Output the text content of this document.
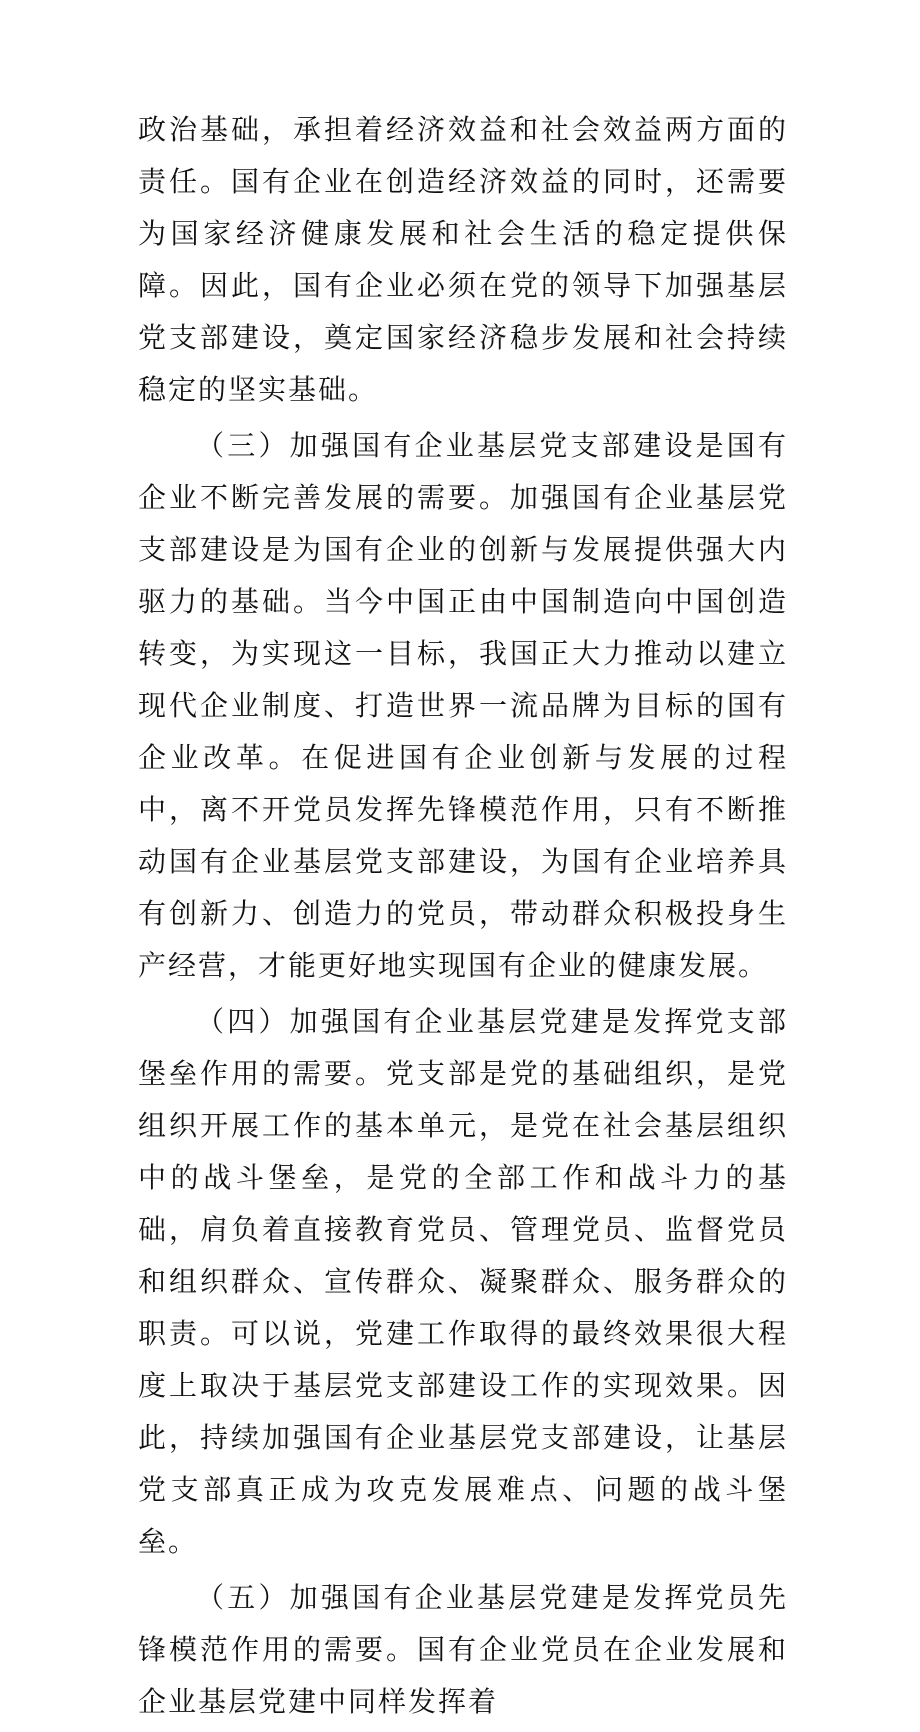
政治基础，承担着经济效益和社会效益两方面的责任。国有企业在创造经济效益的同时，还需要为国家经济健康发展和社会生活的稳定提供保障。因此，国有企业必须在党的领导下加强基层党支部建设，奠定国家经济稳步发展和社会持续稳定的坚实基础。

（三）加强国有企业基层党支部建设是国有企业不断完善发展的需要。加强国有企业基层党支部建设是为国有企业的创新与发展提供强大内驱力的基础。当今中国正由中国制造向中国创造转变，为实现这一目标，我国正大力推动以建立现代企业制度、打造世界一流品牌为目标的国有企业改革。在促进国有企业创新与发展的过程中，离不开党员发挥先锋模范作用，只有不断推动国有企业基层党支部建设，为国有企业培养具有创新力、创造力的党员，带动群众积极投身生产经营，才能更好地实现国有企业的健康发展。

（四）加强国有企业基层党建是发挥党支部堡垒作用的需要。党支部是党的基础组织，是党组织开展工作的基本单元，是党在社会基层组织中的战斗堡垒，是党的全部工作和战斗力的基础，肩负着直接教育党员、管理党员、监督党员和组织群众、宣传群众、凝聚群众、服务群众的职责。可以说，党建工作取得的最终效果很大程度上取决于基层党支部建设工作的实现效果。因此，持续加强国有企业基层党支部建设，让基层党支部真正成为攻克发展难点、问题的战斗堡垒。

（五）加强国有企业基层党建是发挥党员先锋模范作用的需要。国有企业党员在企业发展和企业基层党建中同样发挥着
